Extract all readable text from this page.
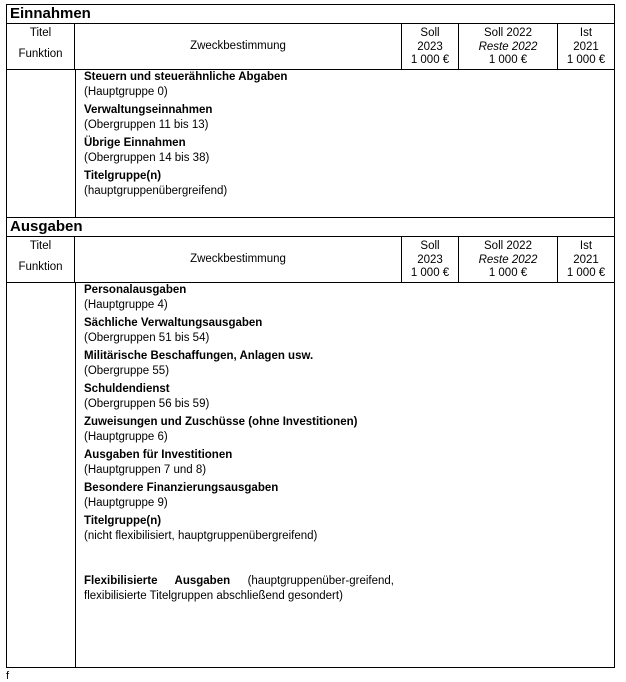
Einnahmen
Titel
Funktion
Zweckbestimmung
Soll
2023
1 000 €
Soll 2022
Reste 2022
1 000 €
Ist
2021
1 000 €
Steuern und steuerähnliche Abgaben
(Hauptgruppe 0)
Verwaltungseinnahmen
(Obergruppen 11 bis 13)
Übrige Einnahmen
(Obergruppen 14 bis 38)
Titelgruppe(n)
(hauptgruppenübergreifend)
Ausgaben
Titel
Funktion
Zweckbestimmung
Soll
2023
1 000 €
Soll 2022
Reste 2022
1 000 €
Ist
2021
1 000 €
Personalausgaben
(Hauptgruppe 4)
Sächliche Verwaltungsausgaben
(Obergruppen 51 bis 54)
Militärische Beschaffungen, Anlagen usw.
(Obergruppe 55)
Schuldendienst
(Obergruppen 56 bis 59)
Zuweisungen und Zuschüsse (ohne Investitionen)
(Hauptgruppe 6)
Ausgaben für Investitionen
(Hauptgruppen 7 und 8)
Besondere Finanzierungsausgaben
(Hauptgruppe 9)
Titelgruppe(n)
(nicht flexibilisiert, hauptgruppenübergreifend)
Flexibilisierte Ausgaben (hauptgruppenüber-greifend, flexibilisierte Titelgruppen abschließend gesondert)
f
